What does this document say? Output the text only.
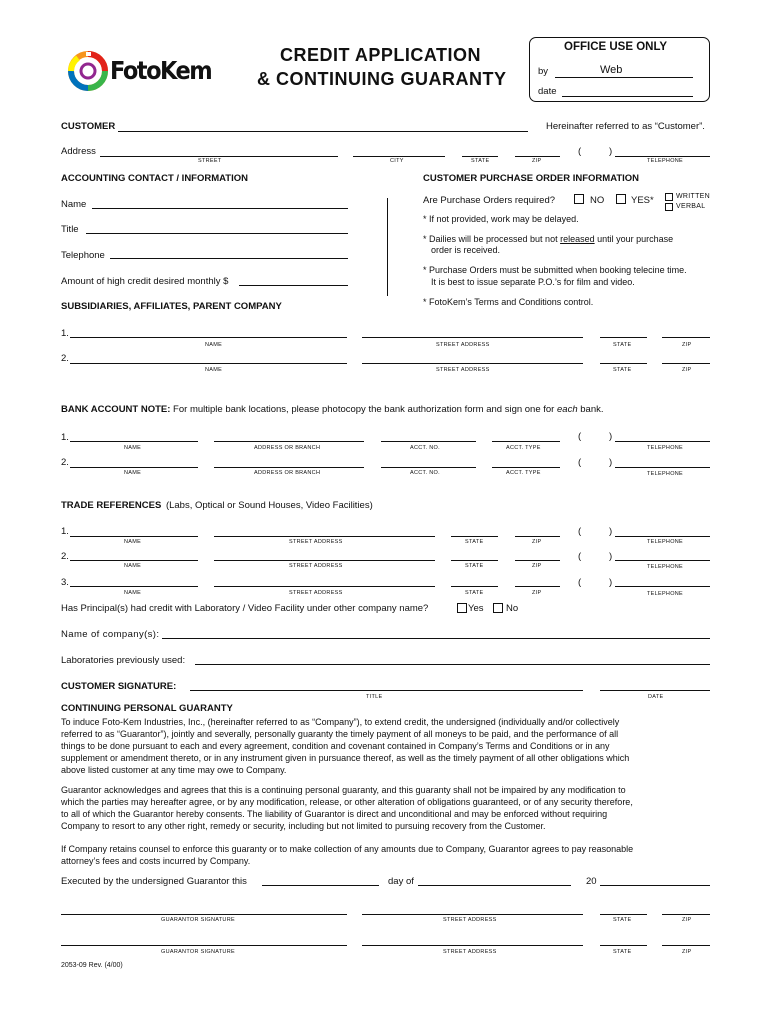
FotoKem
CREDIT APPLICATION
& CONTINUING GUARANTY
OFFICE USE ONLY
by	Web
date
CUSTOMER	Hereinafter referred to as “Customer”.
Address	(	)
STREET	CITY	STATE	ZIP	TELEPHONE
ACCOUNTING CONTACT / INFORMATION
Name
Title
Telephone
Amount of high credit desired monthly $
CUSTOMER PURCHASE ORDER INFORMATION
Are Purchase Orders required?	NO	YES*	WRITTEN
VERBAL
* If not provided, work may be delayed.
* Dailies will be processed but not released until your purchase
order is received.
* Purchase Orders must be submitted when booking telecine time.
It is best to issue separate P.O.’s for film and video.
* FotoKem’s Terms and Conditions control.
SUBSIDIARIES, AFFILIATES, PARENT COMPANY
1.
NAME	STREET ADDRESS	STATE	ZIP
2.
NAME	STREET ADDRESS	STATE	ZIP
BANK ACCOUNT NOTE: For multiple bank locations, please photocopy the bank authorization form and sign one for each bank.
1.	(	)
NAME	ADDRESS OR BRANCH	ACCT. NO.	ACCT. TYPE	TELEPHONE
2.	(	)
NAME	ADDRESS OR BRANCH	ACCT. NO.	ACCT. TYPE	TELEPHONE
TRADE REFERENCES (Labs, Optical or Sound Houses, Video Facilities)
1.	(	)
NAME	STREET ADDRESS	STATE	ZIP	TELEPHONE
2.	(	)
NAME	STREET ADDRESS	STATE	ZIP	TELEPHONE
3.	(	)
NAME	STREET ADDRESS	STATE	ZIP	TELEPHONE
Has Principal(s) had credit with Laboratory / Video Facility under other company name?	Yes No
Name of company(s):
Laboratories previously used:
CUSTOMER SIGNATURE:
TITLE	DATE
CONTINUING PERSONAL GUARANTY
To induce Foto-Kem Industries, Inc., (hereinafter referred to as “Company”), to extend credit, the undersigned (individually and/or collectively
referred to as “Guarantor”), jointly and severally, personally guaranty the timely payment of all moneys to be paid, and the performance of all
things to be done pursuant to each and every agreement, condition and covenant contained in Company’s Terms and Conditions or in any
supplement or amendment thereto, or in any instrument given in pursuance thereof, as well as the timely payment of all other obligations which
above listed customer at any time may owe to Company.
Guarantor acknowledges and agrees that this is a continuing personal guaranty, and this guaranty shall not be impaired by any modification to
which the parties may hereafter agree, or by any modification, release, or other alteration of obligations guaranteed, or of any security therefore,
to all of which the Guarantor hereby consents. The liability of Guarantor is direct and unconditional and may be enforced without requiring
Company to resort to any other right, remedy or security, including but not limited to pursuing recovery from the Customer.
If Company retains counsel to enforce this guaranty or to make collection of any amounts due to Company, Guarantor agrees to pay reasonable
attorney’s fees and costs incurred by Company.
Executed by the undersigned Guarantor this	day of	20
GUARANTOR SIGNATURE	STREET ADDRESS	STATE	ZIP
GUARANTOR SIGNATURE	STREET ADDRESS	STATE	ZIP
2053-09 Rev. (4/00)
